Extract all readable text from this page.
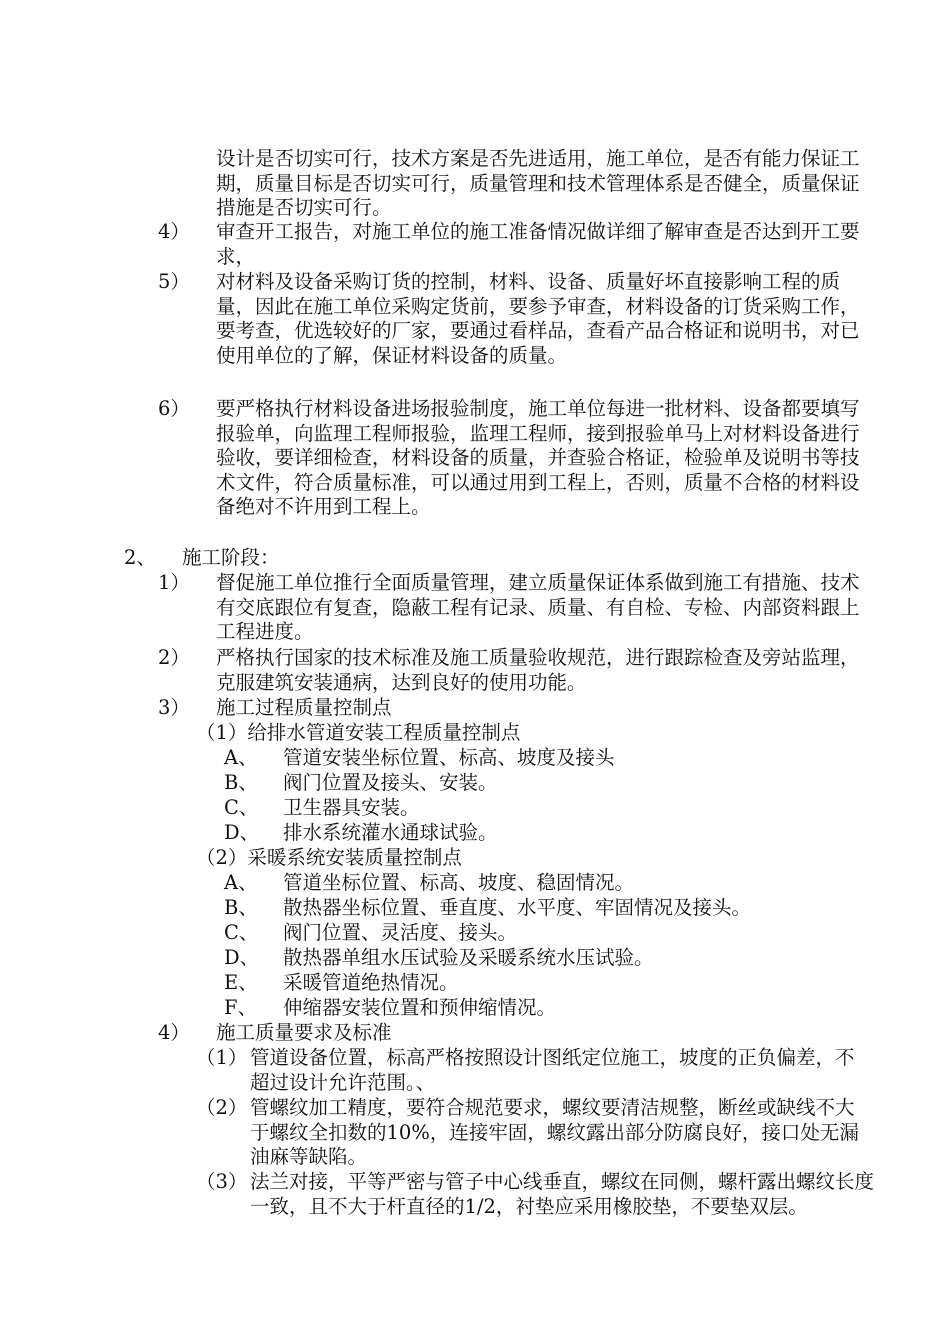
设计是否切实可行，技术方案是否先进适用，施工单位，是否有能力保证工期，质量目标是否切实可行，质量管理和技术管理体系是否健全，质量保证措施是否切实可行。
4） 审查开工报告，对施工单位的施工准备情况做详细了解审查是否达到开工要求，
5） 对材料及设备采购订货的控制，材料、设备、质量好坏直接影响工程的质量，因此在施工单位采购定货前，要参予审查，材料设备的订货采购工作，要考查，优选较好的厂家，要通过看样品，查看产品合格证和说明书，对已使用单位的了解，保证材料设备的质量。
6） 要严格执行材料设备进场报验制度，施工单位每进一批材料、设备都要填写报验单，向监理工程师报验，监理工程师，接到报验单马上对材料设备进行验收，要详细检查，材料设备的质量，并查验合格证，检验单及说明书等技术文件，符合质量标准，可以通过用到工程上，否则，质量不合格的材料设备绝对不许用到工程上。
2、 施工阶段：
1） 督促施工单位推行全面质量管理，建立质量保证体系做到施工有措施、技术有交底跟位有复查，隐蔽工程有记录、质量、有自检、专检、内部资料跟上工程进度。
2） 严格执行国家的技术标准及施工质量验收规范，进行跟踪检查及旁站监理，克服建筑安装通病，达到良好的使用功能。
3） 施工过程质量控制点
（1）给排水管道安装工程质量控制点
A、 管道安装坐标位置、标高、坡度及接头
B、 阀门位置及接头、安装。
C、 卫生器具安装。
D、 排水系统灌水通球试验。
（2）采暖系统安装质量控制点
A、 管道坐标位置、标高、坡度、稳固情况。
B、 散热器坐标位置、垂直度、水平度、牢固情况及接头。
C、 阀门位置、灵活度、接头。
D、 散热器单组水压试验及采暖系统水压试验。
E、 采暖管道绝热情况。
F、 伸缩器安装位置和预伸缩情况。
4） 施工质量要求及标准
（1） 管道设备位置，标高严格按照设计图纸定位施工，坡度的正负偏差，不超过设计允许范围。、
（2） 管螺纹加工精度，要符合规范要求，螺纹要清洁规整，断丝或缺线不大于螺纹全扣数的10%，连接牢固，螺纹露出部分防腐良好，接口处无漏油麻等缺陷。
（3） 法兰对接，平等严密与管子中心线垂直，螺纹在同侧，螺杆露出螺纹长度一致，且不大于杆直径的1/2，衬垫应采用橡胶垫，不要垫双层。
